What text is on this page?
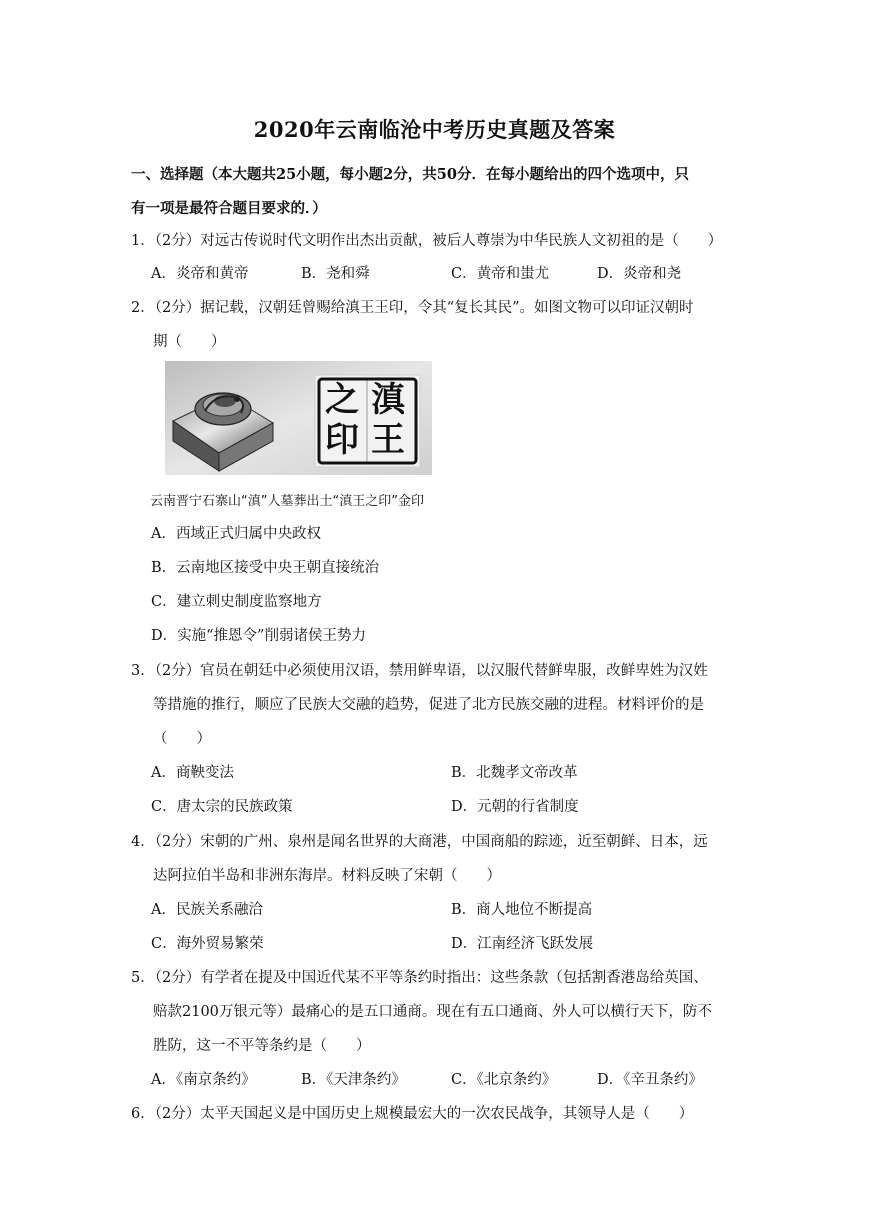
2020年云南临沧中考历史真题及答案
一、选择题（本大题共25小题，每小题2分，共50分．在每小题给出的四个选项中，只
有一项是最符合题目要求的．）
1．（2分）对远古传说时代文明作出杰出贡献，被后人尊崇为中华民族人文初祖的是（　　）
A．炎帝和黄帝	B．尧和舜	C．黄帝和蚩尤	D．炎帝和尧
2．（2分）据记载，汉朝廷曾赐给滇王王印，令其“复长其民”。如图文物可以印证汉朝时
期（　　）
滇
王
之
印
云南晋宁石寨山“滇”人墓葬出土“滇王之印”金印
A．西域正式归属中央政权
B．云南地区接受中央王朝直接统治
C．建立刺史制度监察地方
D．实施“推恩令”削弱诸侯王势力
3．（2分）官员在朝廷中必须使用汉语，禁用鲜卑语，以汉服代替鲜卑服，改鲜卑姓为汉姓
等措施的推行，顺应了民族大交融的趋势，促进了北方民族交融的进程。材料评价的是
（　　）
A．商鞅变法	B．北魏孝文帝改革
C．唐太宗的民族政策	D．元朝的行省制度
4．（2分）宋朝的广州、泉州是闻名世界的大商港，中国商船的踪迹，近至朝鲜、日本，远
达阿拉伯半岛和非洲东海岸。材料反映了宋朝（　　）
A．民族关系融洽	B．商人地位不断提高
C．海外贸易繁荣	D．江南经济飞跃发展
5．（2分）有学者在提及中国近代某不平等条约时指出：这些条款（包括割香港岛给英国、
赔款2100万银元等）最痛心的是五口通商。现在有五口通商、外人可以横行天下，防不
胜防，这一不平等条约是（　　）
A．《南京条约》	B．《天津条约》	C．《北京条约》	D．《辛丑条约》
6．（2分）太平天国起义是中国历史上规模最宏大的一次农民战争，其领导人是（　　）
